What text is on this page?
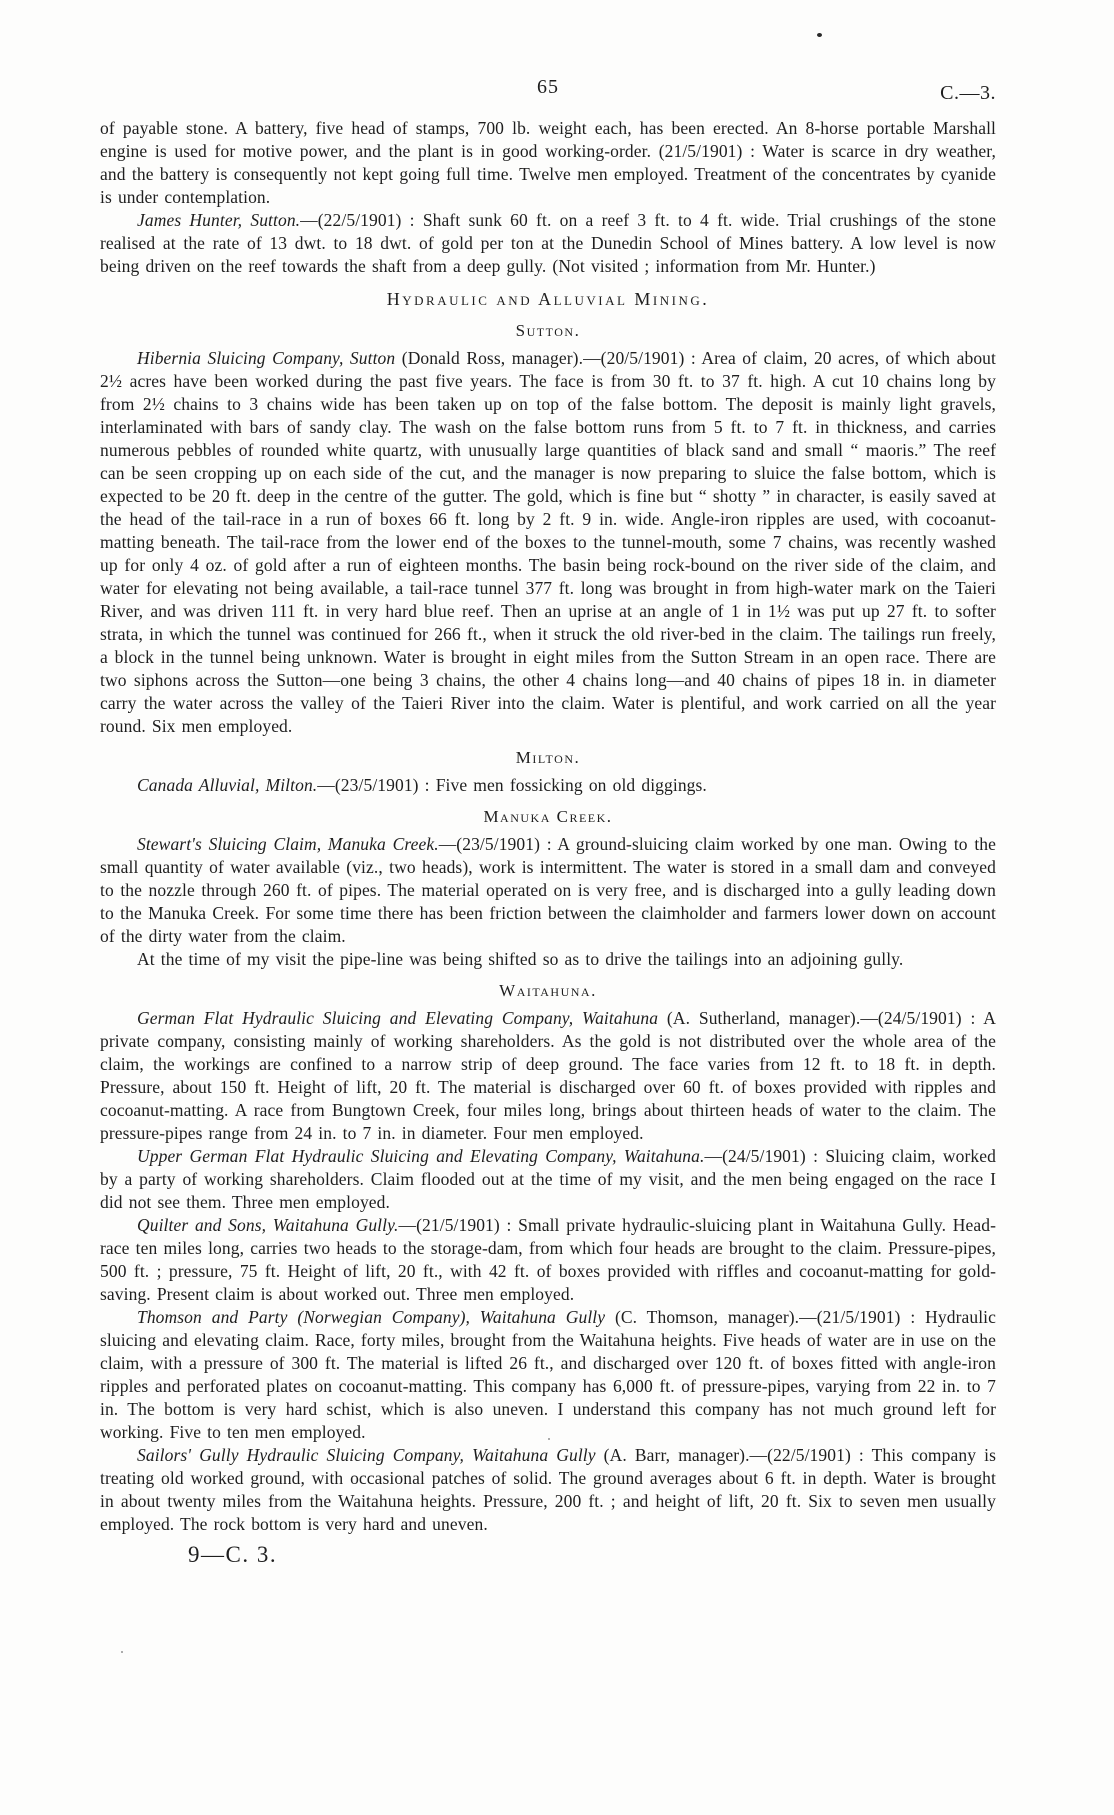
65	C.—3.

of payable stone. A battery, five head of stamps, 700 lb. weight each, has been erected. An 8-horse portable Marshall engine is used for motive power, and the plant is in good working-order. (21/5/1901) : Water is scarce in dry weather, and the battery is consequently not kept going full time. Twelve men employed. Treatment of the concentrates by cyanide is under contemplation.

James Hunter, Sutton.—(22/5/1901) : Shaft sunk 60 ft. on a reef 3 ft. to 4 ft. wide. Trial crushings of the stone realised at the rate of 13 dwt. to 18 dwt. of gold per ton at the Dunedin School of Mines battery. A low level is now being driven on the reef towards the shaft from a deep gully. (Not visited ; information from Mr. Hunter.)

Hydraulic and Alluvial Mining.
Sutton.

Hibernia Sluicing Company, Sutton (Donald Ross, manager).—(20/5/1901) : Area of claim, 20 acres, of which about 2½ acres have been worked during the past five years. The face is from 30 ft. to 37 ft. high. A cut 10 chains long by from 2½ chains to 3 chains wide has been taken up on top of the false bottom. The deposit is mainly light gravels, interlaminated with bars of sandy clay. The wash on the false bottom runs from 5 ft. to 7 ft. in thickness, and carries numerous pebbles of rounded white quartz, with unusually large quantities of black sand and small “ maoris.” The reef can be seen cropping up on each side of the cut, and the manager is now preparing to sluice the false bottom, which is expected to be 20 ft. deep in the centre of the gutter. The gold, which is fine but “ shotty ” in character, is easily saved at the head of the tail-race in a run of boxes 66 ft. long by 2 ft. 9 in. wide. Angle-iron ripples are used, with cocoanut-matting beneath. The tail-race from the lower end of the boxes to the tunnel-mouth, some 7 chains, was recently washed up for only 4 oz. of gold after a run of eighteen months. The basin being rock-bound on the river side of the claim, and water for elevating not being available, a tail-race tunnel 377 ft. long was brought in from high-water mark on the Taieri River, and was driven 111 ft. in very hard blue reef. Then an uprise at an angle of 1 in 1½ was put up 27 ft. to softer strata, in which the tunnel was continued for 266 ft., when it struck the old river-bed in the claim. The tailings run freely, a block in the tunnel being unknown. Water is brought in eight miles from the Sutton Stream in an open race. There are two siphons across the Sutton—one being 3 chains, the other 4 chains long—and 40 chains of pipes 18 in. in diameter carry the water across the valley of the Taieri River into the claim. Water is plentiful, and work carried on all the year round. Six men employed.

Milton.

Canada Alluvial, Milton.—(23/5/1901) : Five men fossicking on old diggings.

Manuka Creek.

Stewart's Sluicing Claim, Manuka Creek.—(23/5/1901) : A ground-sluicing claim worked by one man. Owing to the small quantity of water available (viz., two heads), work is intermittent. The water is stored in a small dam and conveyed to the nozzle through 260 ft. of pipes. The material operated on is very free, and is discharged into a gully leading down to the Manuka Creek. For some time there has been friction between the claimholder and farmers lower down on account of the dirty water from the claim.

At the time of my visit the pipe-line was being shifted so as to drive the tailings into an adjoining gully.

Waitahuna.

German Flat Hydraulic Sluicing and Elevating Company, Waitahuna (A. Sutherland, manager).—(24/5/1901) : A private company, consisting mainly of working shareholders. As the gold is not distributed over the whole area of the claim, the workings are confined to a narrow strip of deep ground. The face varies from 12 ft. to 18 ft. in depth. Pressure, about 150 ft. Height of lift, 20 ft. The material is discharged over 60 ft. of boxes provided with ripples and cocoanut-matting. A race from Bungtown Creek, four miles long, brings about thirteen heads of water to the claim. The pressure-pipes range from 24 in. to 7 in. in diameter. Four men employed.

Upper German Flat Hydraulic Sluicing and Elevating Company, Waitahuna.—(24/5/1901) : Sluicing claim, worked by a party of working shareholders. Claim flooded out at the time of my visit, and the men being engaged on the race I did not see them. Three men employed.

Quilter and Sons, Waitahuna Gully.—(21/5/1901) : Small private hydraulic-sluicing plant in Waitahuna Gully. Head-race ten miles long, carries two heads to the storage-dam, from which four heads are brought to the claim. Pressure-pipes, 500 ft. ; pressure, 75 ft. Height of lift, 20 ft., with 42 ft. of boxes provided with riffles and cocoanut-matting for gold-saving. Present claim is about worked out. Three men employed.

Thomson and Party (Norwegian Company), Waitahuna Gully (C. Thomson, manager).—(21/5/1901) : Hydraulic sluicing and elevating claim. Race, forty miles, brought from the Waitahuna heights. Five heads of water are in use on the claim, with a pressure of 300 ft. The material is lifted 26 ft., and discharged over 120 ft. of boxes fitted with angle-iron ripples and perforated plates on cocoanut-matting. This company has 6,000 ft. of pressure-pipes, varying from 22 in. to 7 in. The bottom is very hard schist, which is also uneven. I understand this company has not much ground left for working. Five to ten men employed.

Sailors' Gully Hydraulic Sluicing Company, Waitahuna Gully (A. Barr, manager).—(22/5/1901) : This company is treating old worked ground, with occasional patches of solid. The ground averages about 6 ft. in depth. Water is brought in about twenty miles from the Waitahuna heights. Pressure, 200 ft. ; and height of lift, 20 ft. Six to seven men usually employed. The rock bottom is very hard and uneven.

9—C. 3.
